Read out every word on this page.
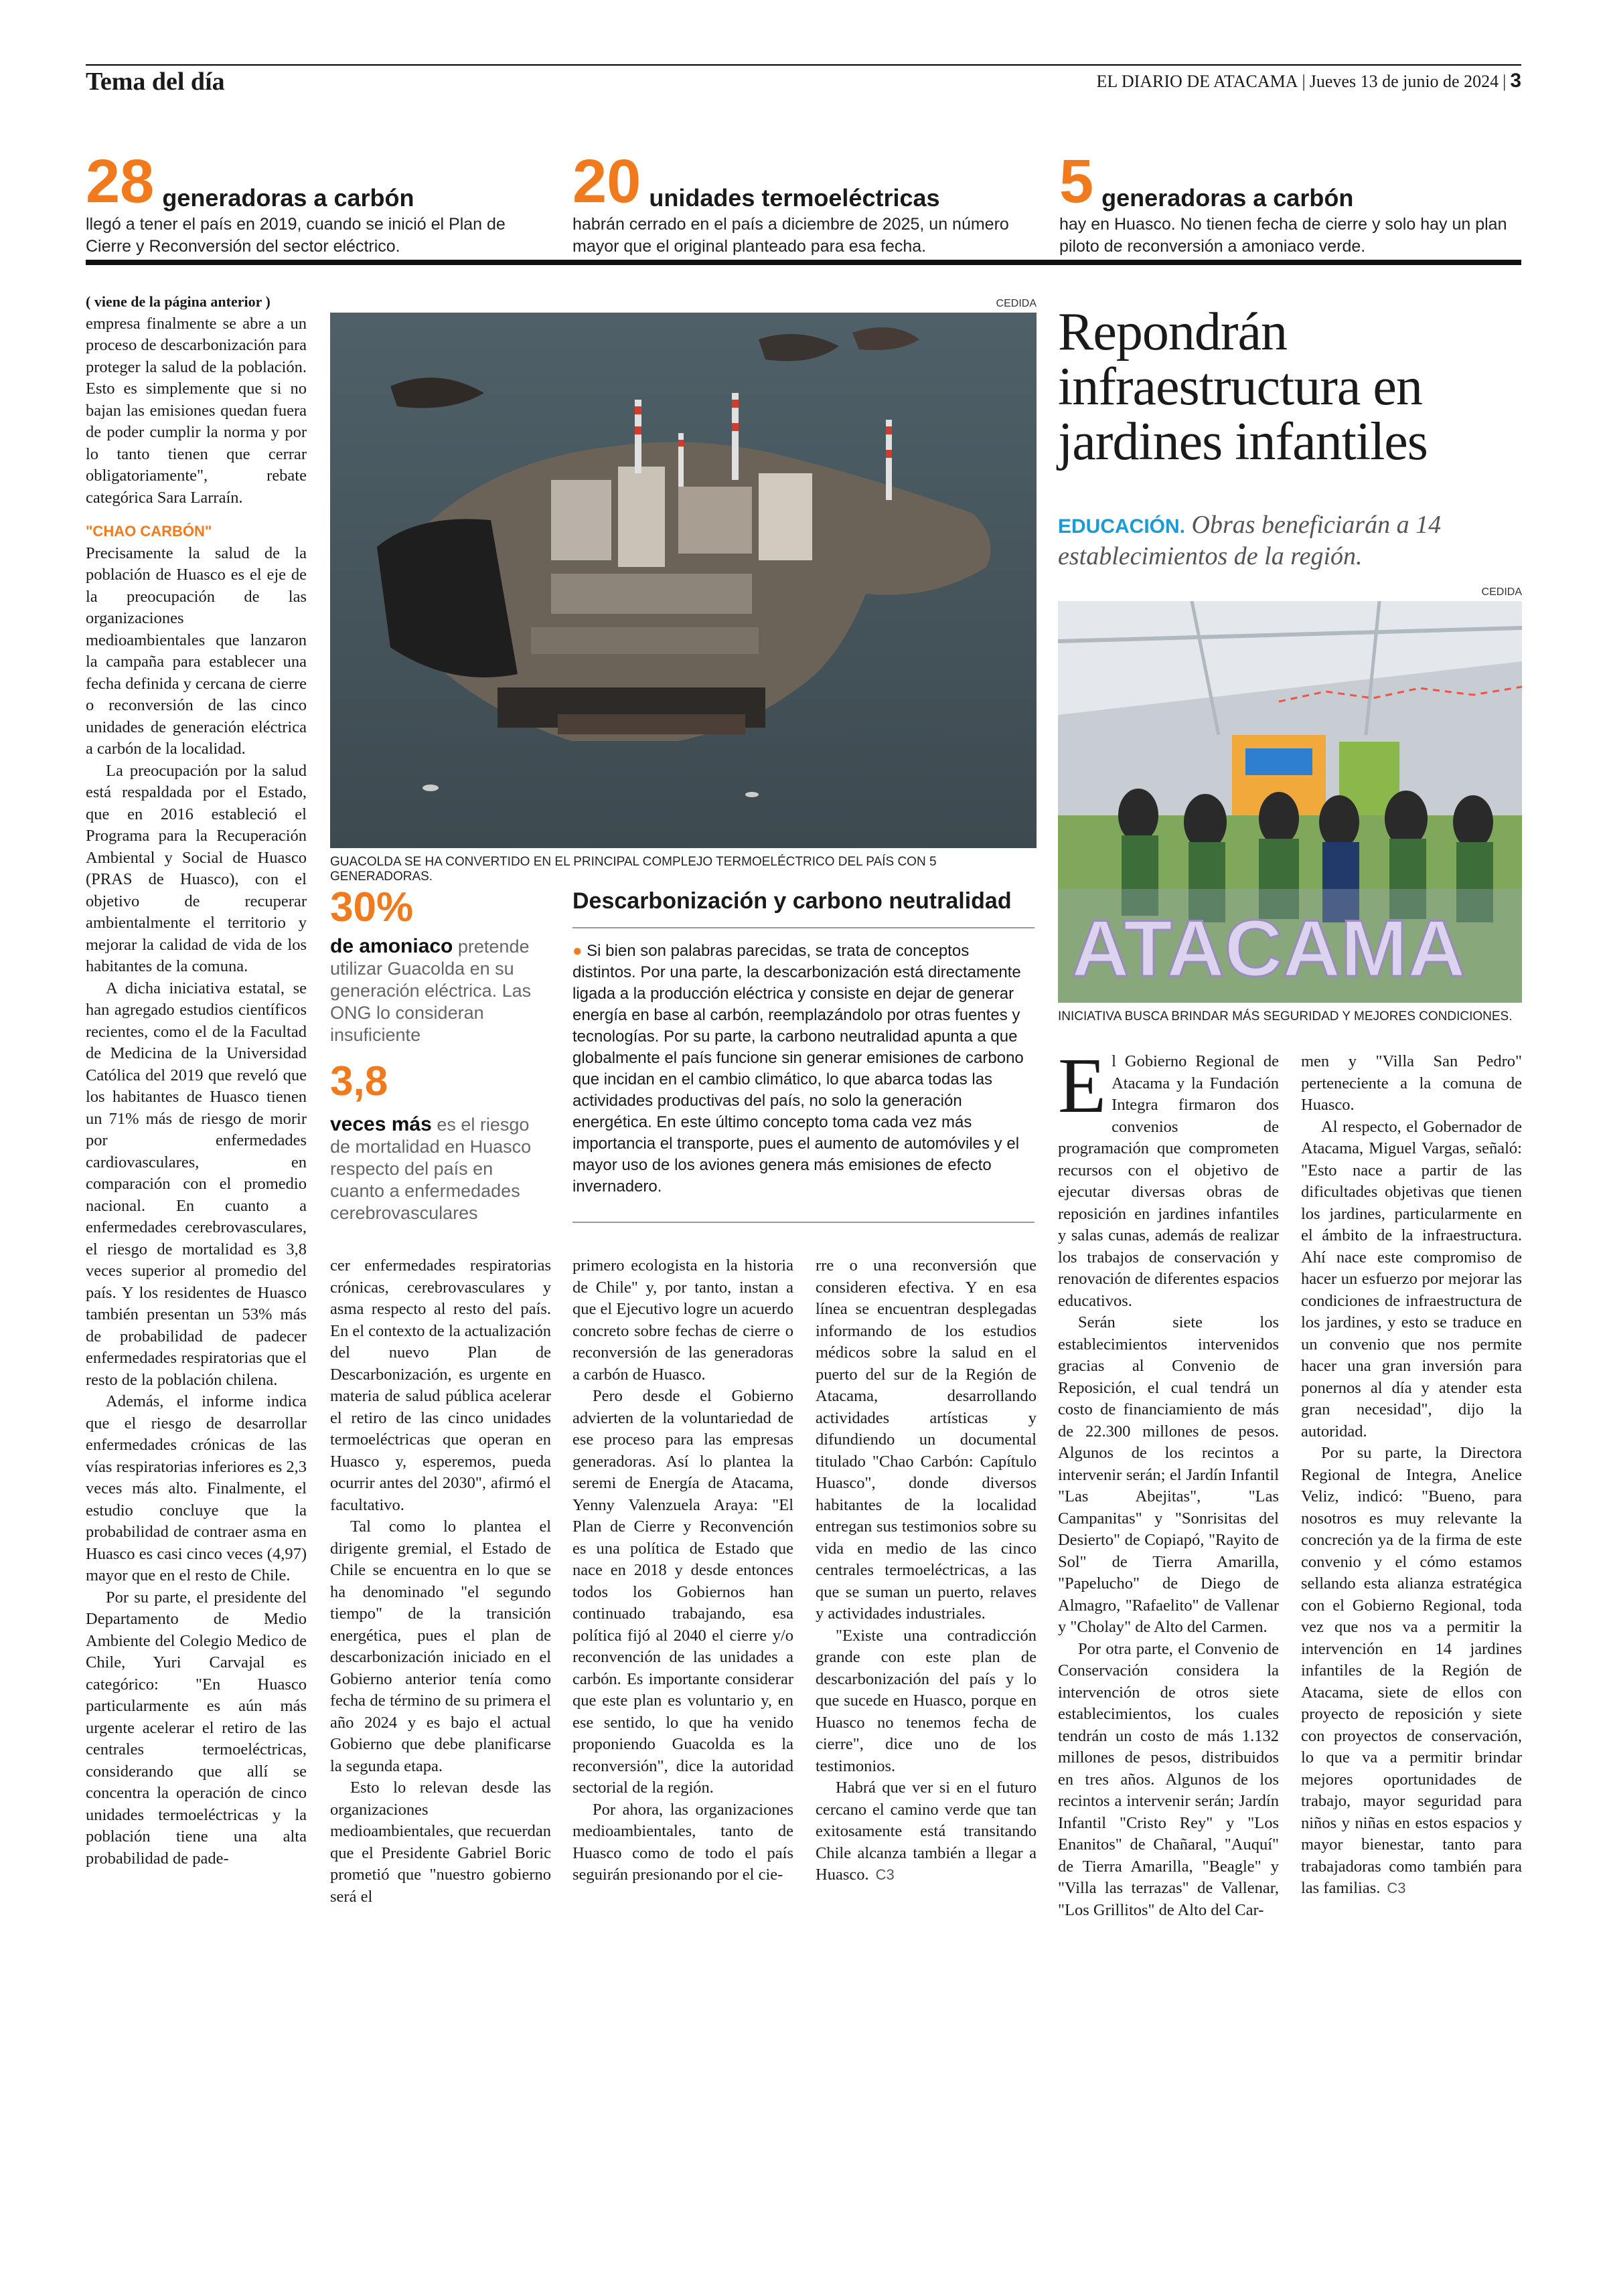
Tema del día	EL DIARIO DE ATACAMA | Jueves 13 de junio de 2024 | 3
28 generadoras a carbón
llegó a tener el país en 2019, cuando se inició el Plan de Cierre y Reconversión del sector eléctrico.
20 unidades termoeléctricas
habrán cerrado en el país a diciembre de 2025, un número mayor que el original planteado para esa fecha.
5 generadoras a carbón
hay en Huasco. No tienen fecha de cierre y solo hay un plan piloto de reconversión a amoniaco verde.
( viene de la página anterior )

empresa finalmente se abre a un proceso de descarbonización para proteger la salud de la población. Esto es simplemente que si no bajan las emisiones quedan fuera de poder cumplir la norma y por lo tanto tienen que cerrar obligatoriamente", rebate categórica Sara Larraín.

"CHAO CARBÓN"

Precisamente la salud de la población de Huasco es el eje de la preocupación de las organizaciones medioambientales que lanzaron la campaña para establecer una fecha definida y cercana de cierre o reconversión de las cinco unidades de generación eléctrica a carbón de la localidad.

La preocupación por la salud está respaldada por el Estado, que en 2016 estableció el Programa para la Recuperación Ambiental y Social de Huasco (PRAS de Huasco), con el objetivo de recuperar ambientalmente el territorio y mejorar la calidad de vida de los habitantes de la comuna.

A dicha iniciativa estatal, se han agregado estudios científicos recientes, como el de la Facultad de Medicina de la Universidad Católica del 2019 que reveló que los habitantes de Huasco tienen un 71% más de riesgo de morir por enfermedades cardiovasculares, en comparación con el promedio nacional. En cuanto a enfermedades cerebrovasculares, el riesgo de mortalidad es 3,8 veces superior al promedio del país. Y los residentes de Huasco también presentan un 53% más de probabilidad de padecer enfermedades respiratorias que el resto de la población chilena.

Además, el informe indica que el riesgo de desarrollar enfermedades crónicas de las vías respiratorias inferiores es 2,3 veces más alto. Finalmente, el estudio concluye que la probabilidad de contraer asma en Huasco es casi cinco veces (4,97) mayor que en el resto de Chile.

Por su parte, el presidente del Departamento de Medio Ambiente del Colegio Medico de Chile, Yuri Carvajal es categórico: "En Huasco particularmente es aún más urgente acelerar el retiro de las centrales termoeléctricas, considerando que allí se concentra la operación de cinco unidades termoeléctricas y la población tiene una alta probabilidad de pade-

CEDIDA
GUACOLDA SE HA CONVERTIDO EN EL PRINCIPAL COMPLEJO TERMOELÉCTRICO DEL PAÍS CON 5 GENERADORAS.
30%
de amoniaco pretende utilizar Guacolda en su generación eléctrica. Las ONG lo consideran insuficiente
3,8
veces más es el riesgo de mortalidad en Huasco respecto del país en cuanto a enfermedades cerebrovasculares
Descarbonización y carbono neutralidad
● Si bien son palabras parecidas, se trata de conceptos distintos. Por una parte, la descarbonización está directamente ligada a la producción eléctrica y consiste en dejar de generar energía en base al carbón, reemplazándolo por otras fuentes y tecnologías. Por su parte, la carbono neutralidad apunta a que globalmente el país funcione sin generar emisiones de carbono que incidan en el cambio climático, lo que abarca todas las actividades productivas del país, no solo la generación energética. En este último concepto toma cada vez más importancia el transporte, pues el aumento de automóviles y el mayor uso de los aviones genera más emisiones de efecto invernadero.

cer enfermedades respiratorias crónicas, cerebrovasculares y asma respecto al resto del país. En el contexto de la actualización del nuevo Plan de Descarbonización, es urgente en materia de salud pública acelerar el retiro de las cinco unidades termoeléctricas que operan en Huasco y, esperemos, pueda ocurrir antes del 2030", afirmó el facultativo.

Tal como lo plantea el dirigente gremial, el Estado de Chile se encuentra en lo que se ha denominado "el segundo tiempo" de la transición energética, pues el plan de descarbonización iniciado en el Gobierno anterior tenía como fecha de término de su primera el año 2024 y es bajo el actual Gobierno que debe planificarse la segunda etapa.

Esto lo relevan desde las organizaciones medioambientales, que recuerdan que el Presidente Gabriel Boric prometió que "nuestro gobierno será el

primero ecologista en la historia de Chile" y, por tanto, instan a que el Ejecutivo logre un acuerdo concreto sobre fechas de cierre o reconversión de las generadoras a carbón de Huasco.

Pero desde el Gobierno advierten de la voluntariedad de ese proceso para las empresas generadoras. Así lo plantea la seremi de Energía de Atacama, Yenny Valenzuela Araya: "El Plan de Cierre y Reconvención es una política de Estado que nace en 2018 y desde entonces todos los Gobiernos han continuado trabajando, esa política fijó al 2040 el cierre y/o reconvención de las unidades a carbón. Es importante considerar que este plan es voluntario y, en ese sentido, lo que ha venido proponiendo Guacolda es la reconversión", dice la autoridad sectorial de la región.

Por ahora, las organizaciones medioambientales, tanto de Huasco como de todo el país seguirán presionando por el cie-

rre o una reconversión que consideren efectiva. Y en esa línea se encuentran desplegadas informando de los estudios médicos sobre la salud en el puerto del sur de la Región de Atacama, desarrollando actividades artísticas y difundiendo un documental titulado "Chao Carbón: Capítulo Huasco", donde diversos habitantes de la localidad entregan sus testimonios sobre su vida en medio de las cinco centrales termoeléctricas, a las que se suman un puerto, relaves y actividades industriales.

"Existe una contradicción grande con este plan de descarbonización del país y lo que sucede en Huasco, porque en Huasco no tenemos fecha de cierre", dice uno de los testimonios.

Habrá que ver si en el futuro cercano el camino verde que tan exitosamente está transitando Chile alcanza también a llegar a Huasco. C3

Repondrán infraestructura en jardines infantiles
EDUCACIÓN. Obras beneficiarán a 14 establecimientos de la región.
CEDIDA
ATACAMA
INICIATIVA BUSCA BRINDAR MÁS SEGURIDAD Y MEJORES CONDICIONES.

El Gobierno Regional de Atacama y la Fundación Integra firmaron dos convenios de programación que comprometen recursos con el objetivo de ejecutar diversas obras de reposición en jardines infantiles y salas cunas, además de realizar los trabajos de conservación y renovación de diferentes espacios educativos.

Serán siete los establecimientos intervenidos gracias al Convenio de Reposición, el cual tendrá un costo de financiamiento de más de 22.300 millones de pesos. Algunos de los recintos a intervenir serán; el Jardín Infantil "Las Abejitas", "Las Campanitas" y "Sonrisitas del Desierto" de Copiapó, "Rayito de Sol" de Tierra Amarilla, "Papelucho" de Diego de Almagro, "Rafaelito" de Vallenar y "Cholay" de Alto del Carmen.

Por otra parte, el Convenio de Conservación considera la intervención de otros siete establecimientos, los cuales tendrán un costo de más 1.132 millones de pesos, distribuidos en tres años. Algunos de los recintos a intervenir serán; Jardín Infantil "Cristo Rey" y "Los Enanitos" de Chañaral, "Auquí" de Tierra Amarilla, "Beagle" y "Villa las terrazas" de Vallenar, "Los Grillitos" de Alto del Car-

men y "Villa San Pedro" perteneciente a la comuna de Huasco.

Al respecto, el Gobernador de Atacama, Miguel Vargas, señaló: "Esto nace a partir de las dificultades objetivas que tienen los jardines, particularmente en el ámbito de la infraestructura. Ahí nace este compromiso de hacer un esfuerzo por mejorar las condiciones de infraestructura de los jardines, y esto se traduce en un convenio que nos permite hacer una gran inversión para ponernos al día y atender esta gran necesidad", dijo la autoridad.

Por su parte, la Directora Regional de Integra, Anelice Veliz, indicó: "Bueno, para nosotros es muy relevante la concreción ya de la firma de este convenio y el cómo estamos sellando esta alianza estratégica con el Gobierno Regional, toda vez que nos va a permitir la intervención en 14 jardines infantiles de la Región de Atacama, siete de ellos con proyecto de reposición y siete con proyectos de conservación, lo que va a permitir brindar mejores oportunidades de trabajo, mayor seguridad para niños y niñas en estos espacios y mayor bienestar, tanto para trabajadoras como también para las familias. C3
